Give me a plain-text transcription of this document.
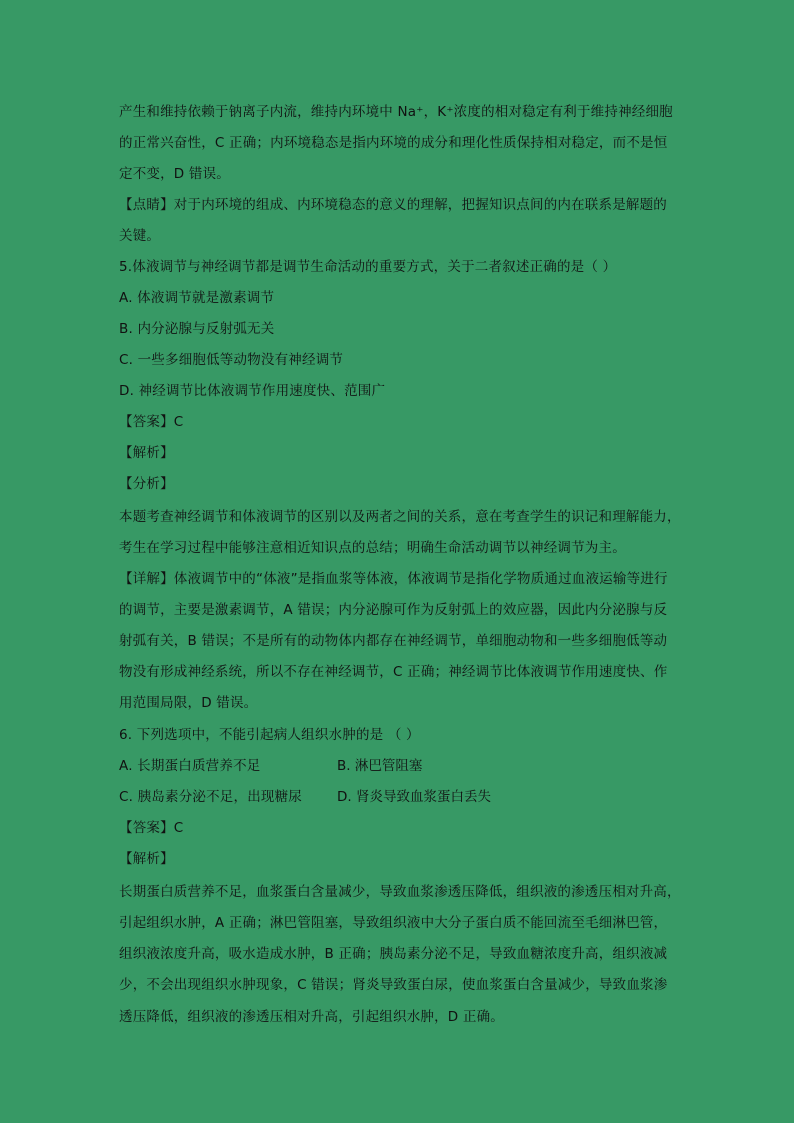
产生和维持依赖于钠离子内流，维持内环境中 Na⁺，K⁺浓度的相对稳定有利于维持神经细胞
的正常兴奋性，C 正确；内环境稳态是指内环境的成分和理化性质保持相对稳定，而不是恒
定不变，D 错误。
【点睛】对于内环境的组成、内环境稳态的意义的理解，把握知识点间的内在联系是解题的
关键。
5.体液调节与神经调节都是调节生命活动的重要方式，关于二者叙述正确的是（ ）
A. 体液调节就是激素调节
B. 内分泌腺与反射弧无关
C. 一些多细胞低等动物没有神经调节
D. 神经调节比体液调节作用速度快、范围广
【答案】C
【解析】
【分析】
本题考查神经调节和体液调节的区别以及两者之间的关系，意在考查学生的识记和理解能力，
考生在学习过程中能够注意相近知识点的总结；明确生命活动调节以神经调节为主。
【详解】体液调节中的“体液”是指血浆等体液，体液调节是指化学物质通过血液运输等进行
的调节，主要是激素调节，A 错误；内分泌腺可作为反射弧上的效应器，因此内分泌腺与反
射弧有关，B 错误；不是所有的动物体内都存在神经调节，单细胞动物和一些多细胞低等动
物没有形成神经系统，所以不存在神经调节，C 正确；神经调节比体液调节作用速度快、作
用范围局限，D 错误。
6. 下列选项中，不能引起病人组织水肿的是 （ ）
A. 长期蛋白质营养不足	B. 淋巴管阻塞
C. 胰岛素分泌不足，出现糖尿	D. 肾炎导致血浆蛋白丢失
【答案】C
【解析】
长期蛋白质营养不足，血浆蛋白含量减少，导致血浆渗透压降低，组织液的渗透压相对升高，
引起组织水肿，A 正确；淋巴管阻塞，导致组织液中大分子蛋白质不能回流至毛细淋巴管，
组织液浓度升高，吸水造成水肿，B 正确；胰岛素分泌不足，导致血糖浓度升高，组织液减
少，不会出现组织水肿现象，C 错误；肾炎导致蛋白尿，使血浆蛋白含量减少，导致血浆渗
透压降低，组织液的渗透压相对升高，引起组织水肿，D 正确。
